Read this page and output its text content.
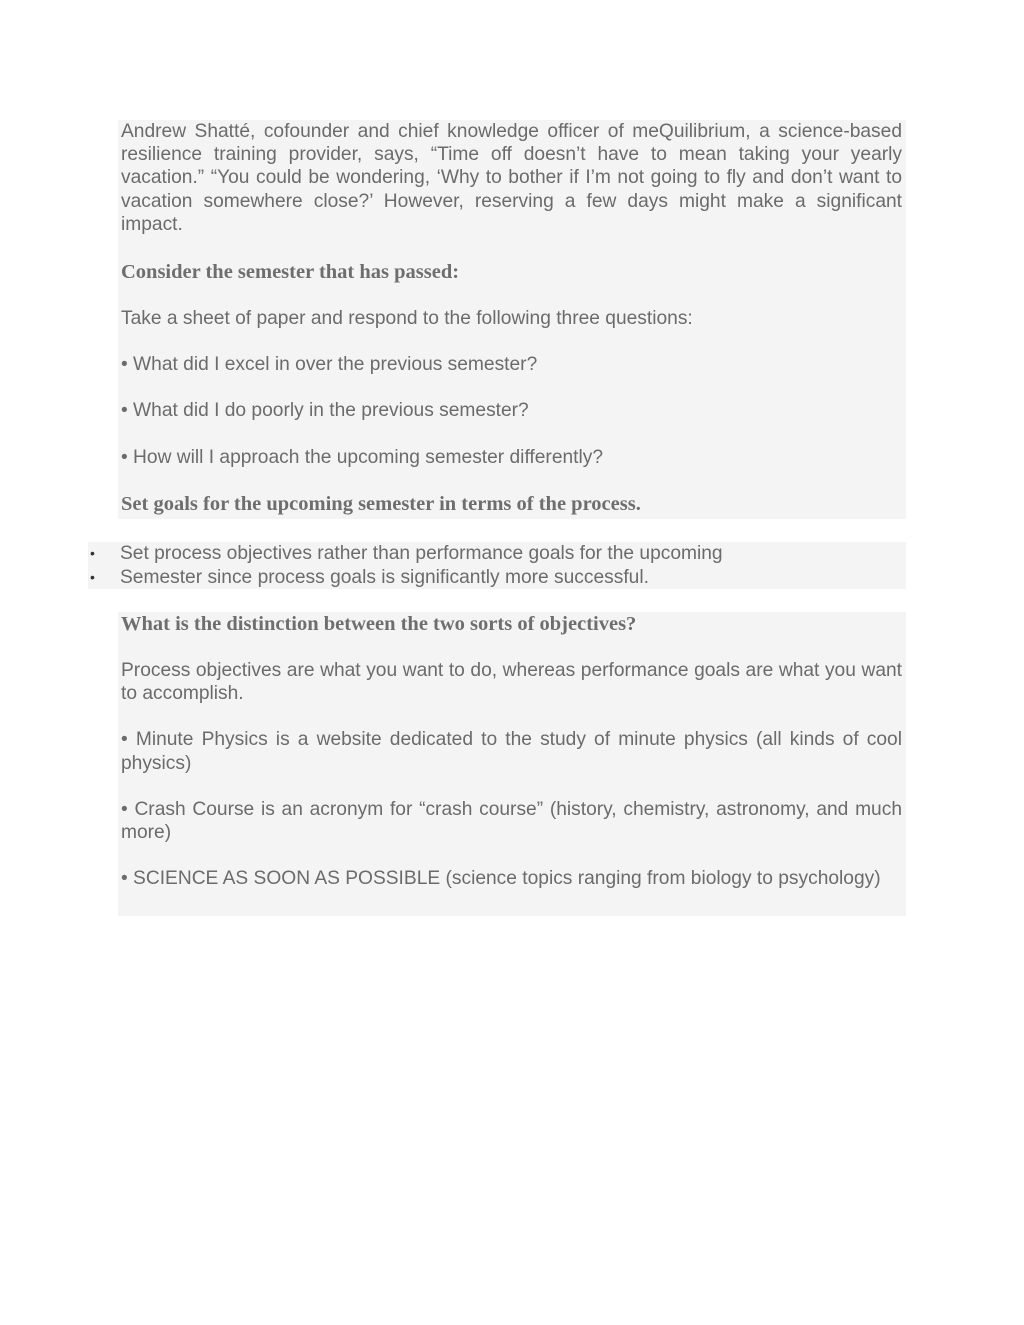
Andrew Shatté, cofounder and chief knowledge officer of meQuilibrium, a science-based resilience training provider, says, “Time off doesn’t have to mean taking your yearly vacation.” “You could be wondering, ‘Why to bother if I’m not going to fly and don’t want to vacation somewhere close?’ However, reserving a few days might make a significant impact.

Consider the semester that has passed:

Take a sheet of paper and respond to the following three questions:

• What did I excel in over the previous semester?

• What did I do poorly in the previous semester?

• How will I approach the upcoming semester differently?

Set goals for the upcoming semester in terms of the process.

• Set process objectives rather than performance goals for the upcoming
• Semester since process goals is significantly more successful.

What is the distinction between the two sorts of objectives?

Process objectives are what you want to do, whereas performance goals are what you want to accomplish.

• Minute Physics is a website dedicated to the study of minute physics (all kinds of cool physics)

• Crash Course is an acronym for “crash course” (history, chemistry, astronomy, and much more)

• SCIENCE AS SOON AS POSSIBLE (science topics ranging from biology to psychology)
